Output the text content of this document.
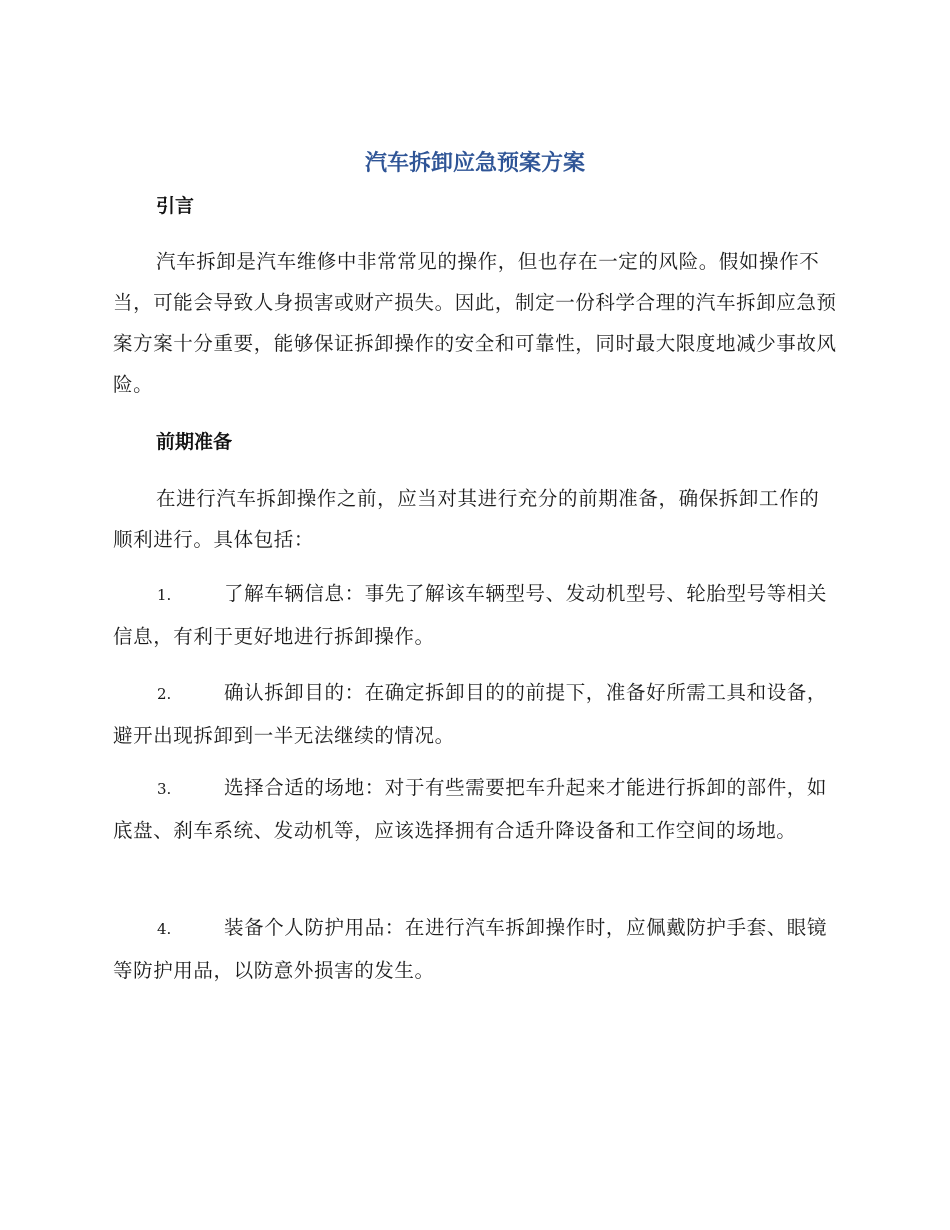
汽车拆卸应急预案方案
引言

汽车拆卸是汽车维修中非常常见的操作，但也存在一定的风险。假如操作不当，可能会导致人身损害或财产损失。因此，制定一份科学合理的汽车拆卸应急预案方案十分重要，能够保证拆卸操作的安全和可靠性，同时最大限度地减少事故风险。

前期准备

在进行汽车拆卸操作之前，应当对其进行充分的前期准备，确保拆卸工作的顺利进行。具体包括：

1.	了解车辆信息：事先了解该车辆型号、发动机型号、轮胎型号等相关信息，有利于更好地进行拆卸操作。

2.	确认拆卸目的：在确定拆卸目的的前提下，准备好所需工具和设备，避开出现拆卸到一半无法继续的情况。

3.	选择合适的场地：对于有些需要把车升起来才能进行拆卸的部件，如底盘、刹车系统、发动机等，应该选择拥有合适升降设备和工作空间的场地。

4.	装备个人防护用品：在进行汽车拆卸操作时，应佩戴防护手套、眼镜等防护用品，以防意外损害的发生。
